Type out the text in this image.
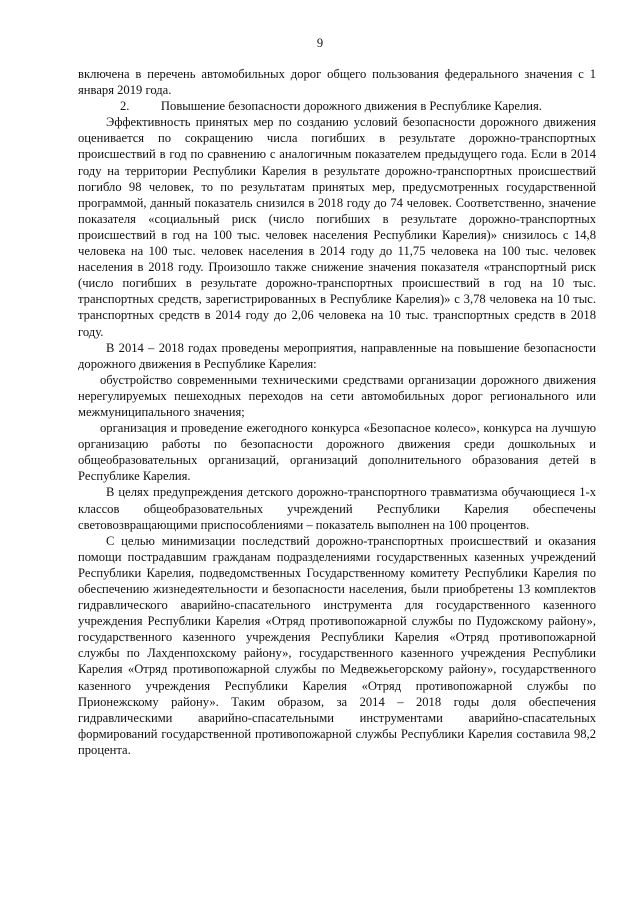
9

включена в перечень автомобильных дорог общего пользования федерального значения с 1 января 2019 года.

2.          Повышение безопасности дорожного движения в Республике Карелия.

Эффективность принятых мер по созданию условий безопасности дорожного движения оценивается по сокращению числа погибших в результате дорожно-транспортных происшествий в год по сравнению с аналогичным показателем предыдущего года. Если в 2014 году на территории Республики Карелия в результате дорожно-транспортных происшествий погибло 98 человек, то по результатам принятых мер, предусмотренных государственной программой, данный показатель снизился в 2018 году до 74 человек. Соответственно, значение показателя «социальный риск (число погибших в результате дорожно-транспортных происшествий в год на 100 тыс. человек населения Республики Карелия)» снизилось с 14,8 человека на 100 тыс. человек населения в 2014 году до 11,75 человека на 100 тыс. человек населения в 2018 году. Произошло также снижение значения показателя «транспортный риск (число погибших в результате дорожно-транспортных происшествий в год на 10 тыс. транспортных средств, зарегистрированных в Республике Карелия)» с 3,78 человека на 10 тыс. транспортных средств в 2014 году до 2,06 человека на 10 тыс. транспортных средств в 2018 году.

В 2014 – 2018 годах проведены мероприятия, направленные на повышение безопасности дорожного движения в Республике Карелия:

обустройство современными техническими средствами организации дорожного движения нерегулируемых пешеходных переходов на сети автомобильных дорог регионального или межмуниципального значения;

организация и проведение ежегодного конкурса «Безопасное колесо», конкурса на лучшую организацию работы по безопасности дорожного движения среди дошкольных и общеобразовательных организаций, организаций дополнительного образования детей в Республике Карелия.

В целях предупреждения детского дорожно-транспортного травматизма обучающиеся 1-х классов общеобразовательных учреждений Республики Карелия обеспечены световозвращающими приспособлениями – показатель выполнен на 100 процентов.

С целью минимизации последствий дорожно-транспортных происшествий и оказания помощи пострадавшим гражданам подразделениями государственных казенных учреждений Республики Карелия, подведомственных Государственному комитету Республики Карелия по обеспечению жизнедеятельности и безопасности населения, были приобретены 13 комплектов гидравлического аварийно-спасательного инструмента для государственного казенного учреждения Республики Карелия «Отряд противопожарной службы по Пудожскому району», государственного казенного учреждения Республики Карелия «Отряд противопожарной службы по Лахденпохскому району», государственного казенного учреждения Республики Карелия «Отряд противопожарной службы по Медвежьегорскому району», государственного казенного учреждения Республики Карелия «Отряд противопожарной службы по Прионежскому району». Таким образом, за 2014 – 2018 годы доля обеспечения гидравлическими аварийно-спасательными инструментами аварийно-спасательных формирований государственной противопожарной службы Республики Карелия составила 98,2 процента.
